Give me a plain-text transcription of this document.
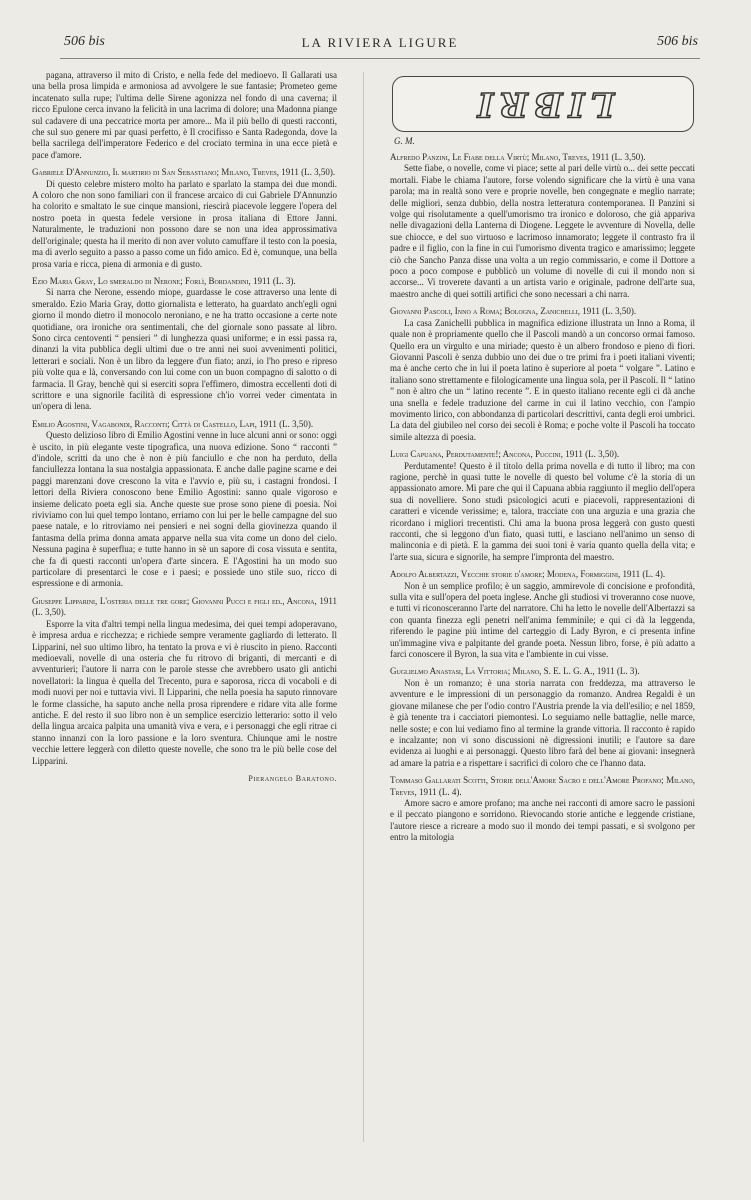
506 bis	LA RIVIERA LIGURE	506 bis

pagana, attraverso il mito di Cristo, e nella fede del medioevo. Il Gallarati usa una bella prosa limpida e armoniosa ad avvolgere le sue fantasie; Prometeo geme incatenato sulla rupe; l'ultima delle Sirene agonizza nel fondo di una caverna; il ricco Epulone cerca invano la felicità in una lacrima di dolore; una Madonna piange sul cadavere di una peccatrice morta per amore... Ma il più bello di questi racconti, che sul suo genere mi par quasi perfetto, è Il crocifisso e Santa Radegonda, dove la bella sacrilega dell'imperatore Federico e del crociato termina in una ecce pietà e pace d'amore.

Gabriele D'Annunzio, Il martirio di San Sebastiano; Milano, Treves, 1911 (L. 3,50).

Di questo celebre mistero molto ha parlato e sparlato la stampa dei due mondi. A coloro che non sono familiari con il francese arcaico di cui Gabriele D'Annunzio ha colorito e smaltato le sue cinque mansioni, riescirà piacevole leggere l'opera del nostro poeta in questa fedele versione in prosa italiana di Ettore Janni. Naturalmente, le traduzioni non possono dare se non una idea approssimativa dell'originale; questa ha il merito di non aver voluto camuffare il testo con la poesia, ma di averlo seguito a passo a passo come un fido amico. Ed è, comunque, una bella prosa varia e ricca, piena di armonia e di gusto.

Ezio Maria Gray, Lo smeraldo di Nerone; Forlì, Bordandini, 1911 (L. 3).

Si narra che Nerone, essendo miope, guardasse le cose attraverso una lente di smeraldo. Ezio Maria Gray, dotto giornalista e letterato, ha guardato anch'egli ogni giorno il mondo dietro il monocolo neroniano, e ne ha tratto occasione a certe note quotidiane, ora ironiche ora sentimentali, che del giornale sono passate al libro. Sono circa centoventi “ pensieri ” di lunghezza quasi uniforme; e in essi passa ra, dinanzi la vita pubblica degli ultimi due o tre anni nei suoi avvenimenti politici, letterari e sociali. Non è un libro da leggere d'un fiato; anzi, io l'ho preso e ripreso più volte qua e là, conversando con lui come con un buon compagno di salotto o di farmacia. Il Gray, benchè qui si eserciti sopra l'effimero, dimostra eccellenti doti di scrittore e una signorile facilità di espressione ch'io vorrei veder cimentata in un'opera di lena.

Emilio Agostini, Vagabondi, Racconti; Città di Castello, Lapi, 1911 (L. 3,50).

Questo delizioso libro di Emilio Agostini venne in luce alcuni anni or sono: oggi è uscito, in più elegante veste tipografica, una nuova edizione. Sono “ racconti ” d'indole, scritti da uno che è non è più fanciullo e che non ha perduto, della fanciullezza lontana la sua nostalgia appassionata. E anche dalle pagine scarne e dei paggi marenzani dove crescono la vita e l'avvio e, più su, i castagni frondosi. I lettori della Riviera conoscono bene Emilio Agostini: sanno quale vigoroso e insieme delicato poeta egli sia. Anche queste sue prose sono piene di poesia. Noi riviviamo con lui quel tempo lontano, erriamo con lui per le belle campagne del suo paese natale, e lo ritroviamo nei pensieri e nei sogni della giovinezza quando il fantasma della prima donna amata apparve nella sua vita come un dono del cielo. Nessuna pagina è superflua; e tutte hanno in sè un sapore di cosa vissuta e sentita, che fa di questi racconti un'opera d'arte sincera. E l'Agostini ha un modo suo particolare di presentarci le cose e i paesi; e possiede uno stile suo, ricco di espressione e di armonia.

Giuseppe Lipparini, L'osteria delle tre gore; Giovanni Pucci e figli ed., Ancona, 1911 (L. 3,50).

Esporre la vita d'altri tempi nella lingua medesima, dei quei tempi adoperavano, è impresa ardua e ricchezza; e richiede sempre veramente gagliardo di letterato. Il Lipparini, nel suo ultimo libro, ha tentato la prova e vi è riuscito in pieno. Racconti medioevali, novelle di una osteria che fu ritrovo di briganti, di mercanti e di avventurieri; l'autore li narra con le parole stesse che avrebbero usato gli antichi novellatori: la lingua è quella del Trecento, pura e saporosa, ricca di vocaboli e di modi nuovi per noi e tuttavia vivi. Il Lipparini, che nella poesia ha saputo rinnovare le forme classiche, ha saputo anche nella prosa riprendere e ridare vita alle forme antiche. E del resto il suo libro non è un semplice esercizio letterario: sotto il velo della lingua arcaica palpita una umanità viva e vera, e i personaggi che egli ritrae ci stanno innanzi con la loro passione e la loro sventura. Chiunque ami le nostre vecchie lettere leggerà con diletto queste novelle, che sono tra le più belle cose del Lipparini.

Pierangelo Baratono.

LIBRI
G. M.

Alfredo Panzini, Le Fiabe della Virtù; Milano, Treves, 1911 (L. 3,50).

Sette fiabe, o novelle, come vi piace; sette al pari delle virtù o... dei sette peccati mortali. Fiabe le chiama l'autore, forse volendo significare che la virtù è una vana parola; ma in realtà sono vere e proprie novelle, ben congegnate e meglio narrate; delle migliori, senza dubbio, della nostra letteratura contemporanea. Il Panzini si volge qui risolutamente a quell'umorismo tra ironico e doloroso, che già appariva nelle divagazioni della Lanterna di Diogene. Leggete le avventure di Novella, delle sue chiocce, e del suo virtuoso e lacrimoso innamorato; leggete il contrasto fra il padre e il figlio, con la fine in cui l'umorismo diventa tragico e amarissimo; leggete ciò che Sancho Panza disse una volta a un regio commissario, e come il Dottore a poco a poco compose e pubblicò un volume di novelle di cui il mondo non si accorse... Vi troverete davanti a un artista vario e originale, padrone dell'arte sua, maestro anche di quei sottili artifici che sono necessari a chi narra.

Giovanni Pascoli, Inno a Roma; Bologna, Zanichelli, 1911 (L. 3,50).

La casa Zanichelli pubblica in magnifica edizione illustrata un Inno a Roma, il quale non è propriamente quello che il Pascoli mandò a un concorso ormai famoso. Quello era un virgulto e una miriade; questo è un albero frondoso e pieno di fiori. Giovanni Pascoli è senza dubbio uno dei due o tre primi fra i poeti italiani viventi; ma è anche certo che in lui il poeta latino è superiore al poeta “ volgare ”. Latino e italiano sono strettamente e filologicamente una lingua sola, per il Pascoli. Il “ latino ” non è altro che un “ latino recente ”. E in questo italiano recente egli ci dà anche una snella e fedele traduzione del carme in cui il latino vecchio, con l'ampio movimento lirico, con abbondanza di particolari descrittivi, canta degli eroi umbrici. La data del giubileo nel corso dei secoli è Roma; e poche volte il Pascoli ha toccato simile altezza di poesia.

Luigi Capuana, Perdutamente!; Ancona, Puccini, 1911 (L. 3,50).

Perdutamente! Questo è il titolo della prima novella e di tutto il libro; ma con ragione, perchè in quasi tutte le novelle di questo bel volume c'è la storia di un appassionato amore. Mi pare che qui il Capuana abbia raggiunto il meglio dell'opera sua di novelliere. Sono studi psicologici acuti e piacevoli, rappresentazioni di caratteri e vicende verissime; e, talora, tracciate con una arguzia e una grazia che ricordano i migliori trecentisti. Chi ama la buona prosa leggerà con gusto questi racconti, che si leggono d'un fiato, quasi tutti, e lasciano nell'animo un senso di malinconia e di pietà. E la gamma dei suoi toni è varia quanto quella della vita; e l'arte sua, sicura e signorile, ha sempre l'impronta del maestro.

Adolfo Albertazzi, Vecchie storie d'amore; Modena, Formiggini, 1911 (L. 4).

Non è un semplice profilo; è un saggio, ammirevole di concisione e profondità, sulla vita e sull'opera del poeta inglese. Anche gli studiosi vi troveranno cose nuove, e tutti vi riconosceranno l'arte del narratore. Chi ha letto le novelle dell'Albertazzi sa con quanta finezza egli penetri nell'anima femminile; e qui ci dà la leggenda, riferendo le pagine più intime del carteggio di Lady Byron, e ci presenta infine un'immagine viva e palpitante del grande poeta. Nessun libro, forse, è più adatto a farci conoscere il Byron, la sua vita e l'ambiente in cui visse.

Guglielmo Anastasi, La Vittoria; Milano, S. E. L. G. A., 1911 (L. 3).

Non è un romanzo; è una storia narrata con freddezza, ma attraverso le avventure e le impressioni di un personaggio da romanzo. Andrea Regaldi è un giovane milanese che per l'odio contro l'Austria prende la via dell'esilio; e nel 1859, è già tenente tra i cacciatori piemontesi. Lo seguiamo nelle battaglie, nelle marce, nelle soste; e con lui vediamo fino al termine la grande vittoria. Il racconto è rapido e incalzante; non vi sono discussioni nè digressioni inutili; e l'autore sa dare evidenza ai luoghi e ai personaggi. Questo libro farà del bene ai giovani: insegnerà ad amare la patria e a rispettare i sacrifici di coloro che ce l'hanno data.

Tommaso Gallarati Scotti, Storie dell'Amore Sacro e dell'Amore Profano; Milano, Treves, 1911 (L. 4).

Amore sacro e amore profano; ma anche nei racconti di amore sacro le passioni e il peccato piangono e sorridono. Rievocando storie antiche e leggende cristiane, l'autore riesce a ricreare a modo suo il mondo dei tempi passati, e si svolgono per entro la mitologia
